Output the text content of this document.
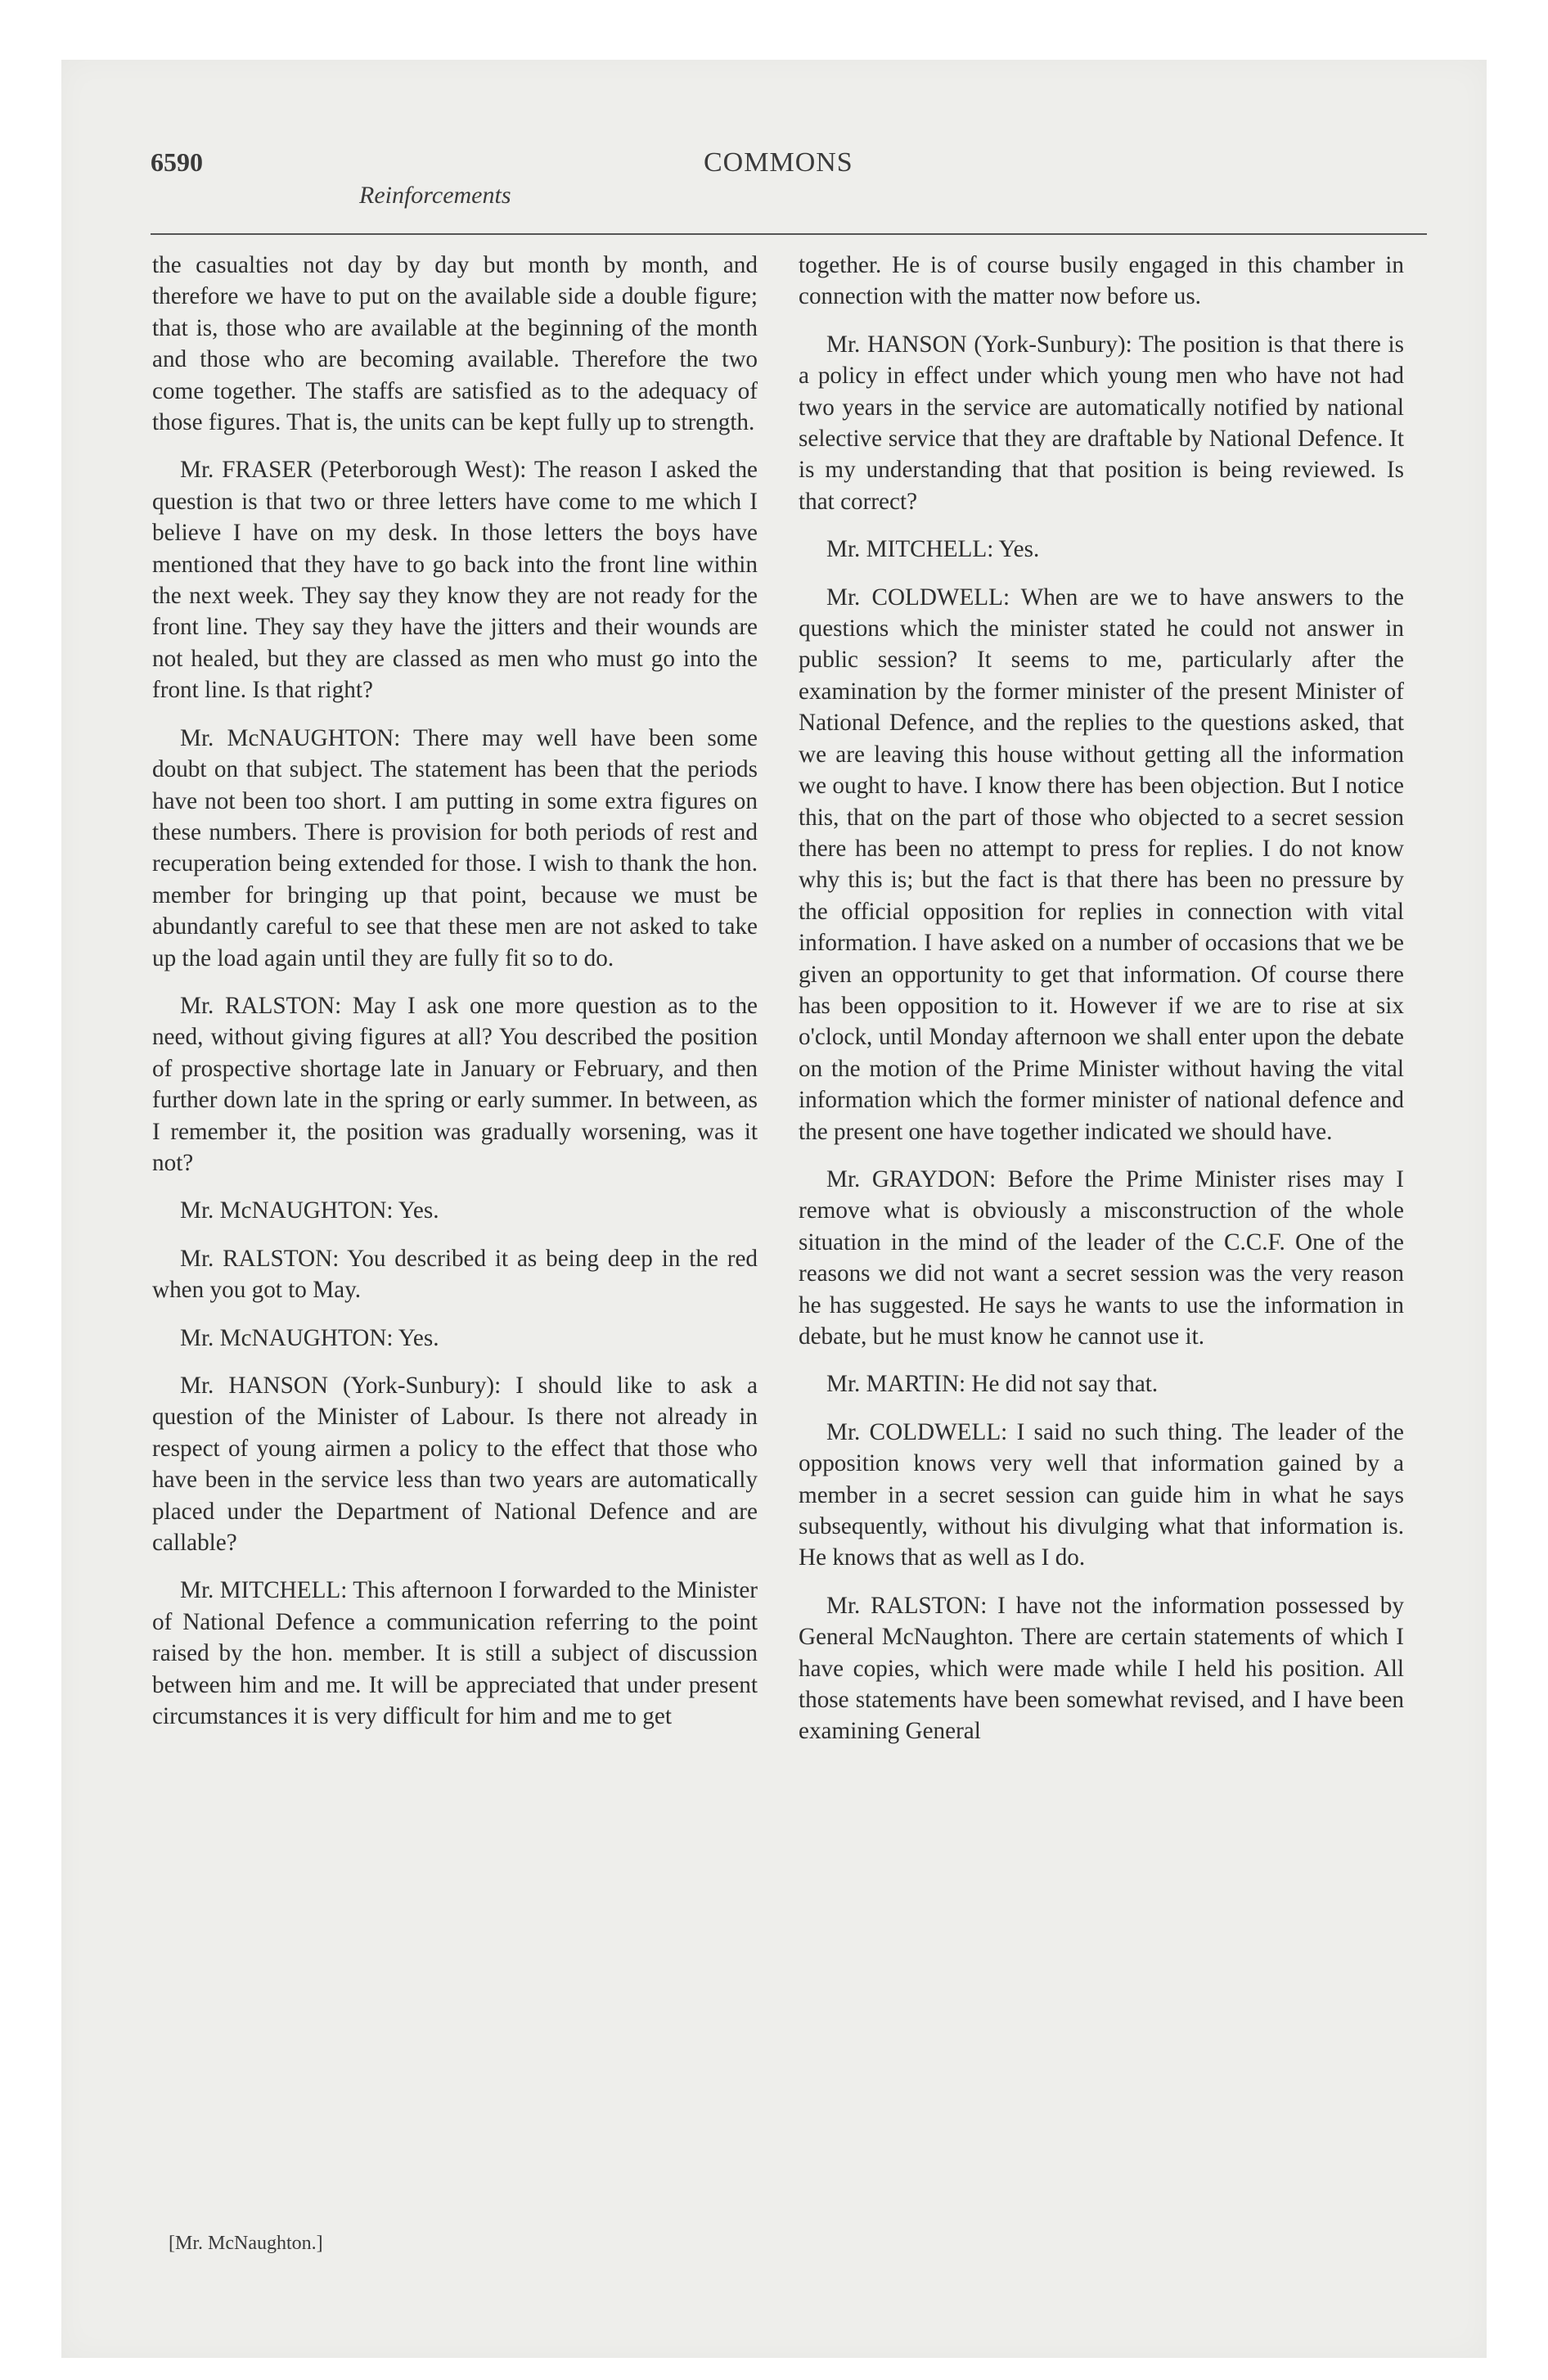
6590	COMMONS
Reinforcements

the casualties not day by day but month by month, and therefore we have to put on the available side a double figure; that is, those who are available at the beginning of the month and those who are becoming available. Therefore the two come together. The staffs are satisfied as to the adequacy of those figures. That is, the units can be kept fully up to strength.

Mr. FRASER (Peterborough West): The reason I asked the question is that two or three letters have come to me which I believe I have on my desk. In those letters the boys have mentioned that they have to go back into the front line within the next week. They say they know they are not ready for the front line. They say they have the jitters and their wounds are not healed, but they are classed as men who must go into the front line. Is that right?

Mr. McNAUGHTON: There may well have been some doubt on that subject. The statement has been that the periods have not been too short. I am putting in some extra figures on these numbers. There is provision for both periods of rest and recuperation being extended for those. I wish to thank the hon. member for bringing up that point, because we must be abundantly careful to see that these men are not asked to take up the load again until they are fully fit so to do.

Mr. RALSTON: May I ask one more question as to the need, without giving figures at all? You described the position of prospective shortage late in January or February, and then further down late in the spring or early summer. In between, as I remember it, the position was gradually worsening, was it not?

Mr. McNAUGHTON: Yes.

Mr. RALSTON: You described it as being deep in the red when you got to May.

Mr. McNAUGHTON: Yes.

Mr. HANSON (York-Sunbury): I should like to ask a question of the Minister of Labour. Is there not already in respect of young airmen a policy to the effect that those who have been in the service less than two years are automatically placed under the Department of National Defence and are callable?

Mr. MITCHELL: This afternoon I forwarded to the Minister of National Defence a communication referring to the point raised by the hon. member. It is still a subject of discussion between him and me. It will be appreciated that under present circumstances it is very difficult for him and me to get

together. He is of course busily engaged in this chamber in connection with the matter now before us.

Mr. HANSON (York-Sunbury): The position is that there is a policy in effect under which young men who have not had two years in the service are automatically notified by national selective service that they are draftable by National Defence. It is my understanding that that position is being reviewed. Is that correct?

Mr. MITCHELL: Yes.

Mr. COLDWELL: When are we to have answers to the questions which the minister stated he could not answer in public session? It seems to me, particularly after the examination by the former minister of the present Minister of National Defence, and the replies to the questions asked, that we are leaving this house without getting all the information we ought to have. I know there has been objection. But I notice this, that on the part of those who objected to a secret session there has been no attempt to press for replies. I do not know why this is; but the fact is that there has been no pressure by the official opposition for replies in connection with vital information. I have asked on a number of occasions that we be given an opportunity to get that information. Of course there has been opposition to it. However if we are to rise at six o'clock, until Monday afternoon we shall enter upon the debate on the motion of the Prime Minister without having the vital information which the former minister of national defence and the present one have together indicated we should have.

Mr. GRAYDON: Before the Prime Minister rises may I remove what is obviously a misconstruction of the whole situation in the mind of the leader of the C.C.F. One of the reasons we did not want a secret session was the very reason he has suggested. He says he wants to use the information in debate, but he must know he cannot use it.

Mr. MARTIN: He did not say that.

Mr. COLDWELL: I said no such thing. The leader of the opposition knows very well that information gained by a member in a secret session can guide him in what he says subsequently, without his divulging what that information is. He knows that as well as I do.

Mr. RALSTON: I have not the information possessed by General McNaughton. There are certain statements of which I have copies, which were made while I held his position. All those statements have been somewhat revised, and I have been examining General

[Mr. McNaughton.]
